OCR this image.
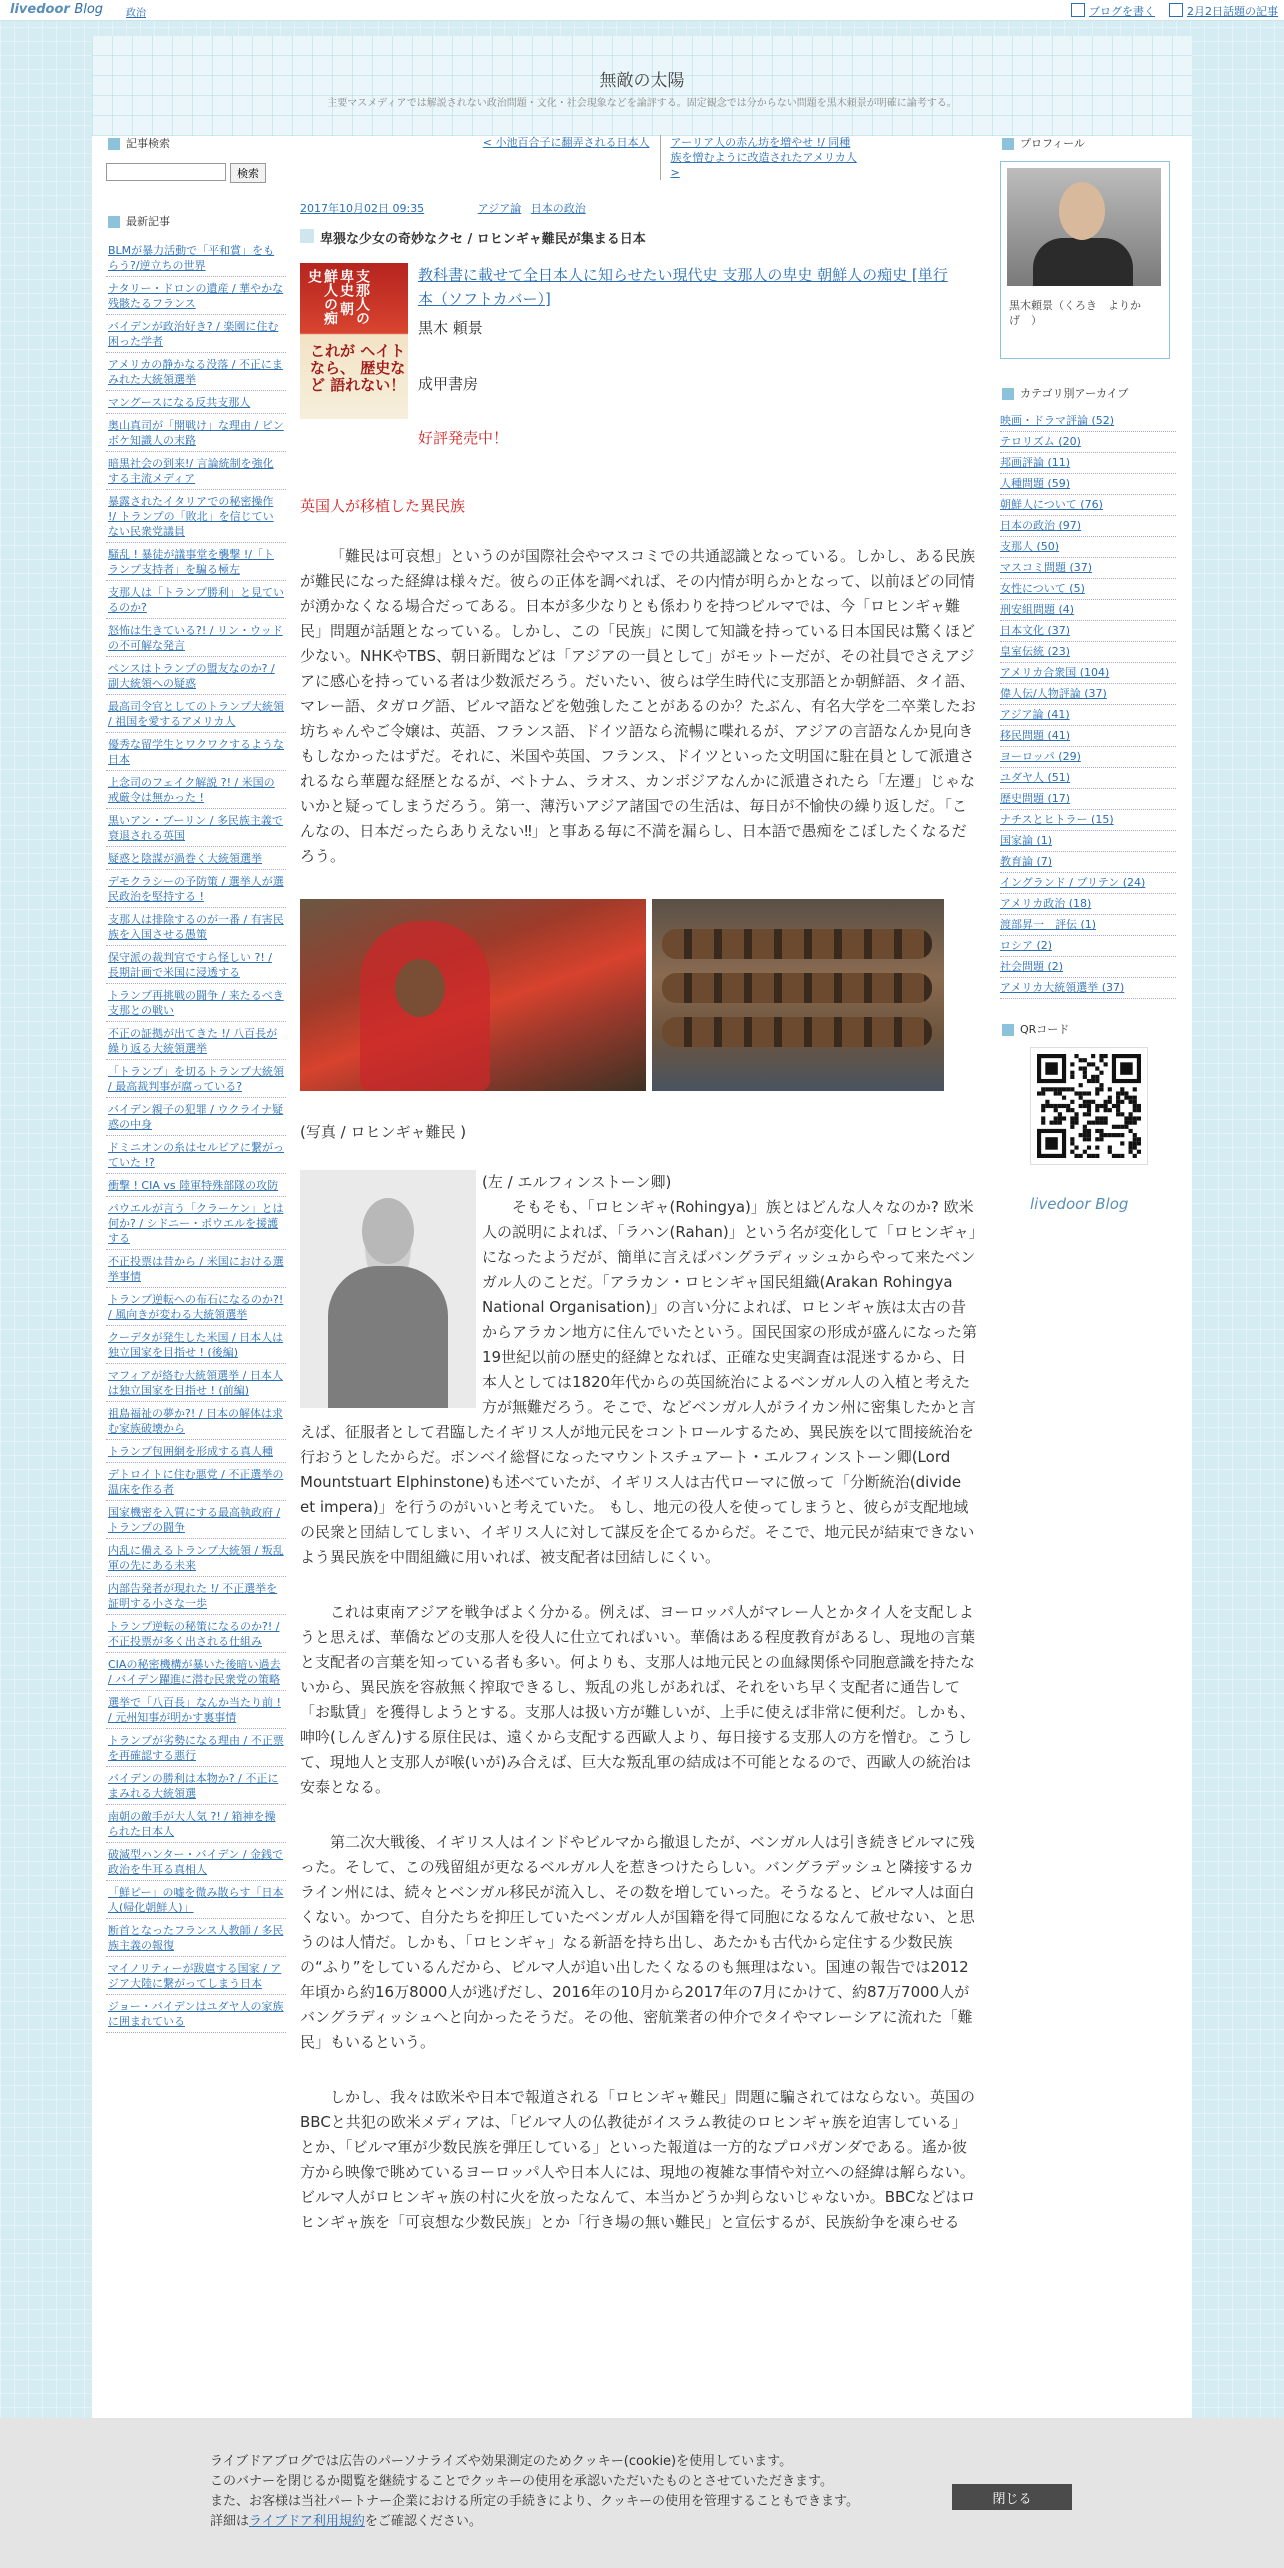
livedoor Blog 政治	ブログを書く	2月2日話題の記事
無敵の太陽
主要マスメディアでは解説されない政治問題・文化・社会現象などを論評する。固定観念では分からない問題を黒木頼景が明確に論考する。
記事検索
検索
最新記事
BLMが暴力活動で「平和賞」をもらう?/逆立ちの世界
ナタリー・ドロンの遺産 / 華やかな残骸たるフランス
バイデンが政治好き? / 楽園に住む困った学者
アメリカの静かなる没落 / 不正にまみれた大統領選挙
マングースになる反共支那人
奥山真司が「開戦け」な理由 / ピンボケ知識人の末路
暗黒社会の到来!/ 言論統制を強化する主流メディア
暴露されたイタリアでの秘密操作 !/ トランプの「敗北」を信じていない民衆党議員
騒乱 ! 暴徒が議事堂を襲撃 !/「トランプ支持者」を騙る極左
支那人は「トランプ勝利」と見ているのか?
怒怖は生きている?! / リン・ウッドの不可解な発言
ペンスはトランプの盟友なのか? / 副大統領への疑惑
最高司令官としてのトランプ大統領 / 祖国を愛するアメリカ人
優秀な留学生とワクワクするような日本
上念司のフェイク解説 ?! / 米国の戒厳令は無かった !
黒いアン・ブーリン / 多民族主義で衰退される英国
疑惑と陰謀が渦巻く大統領選挙
デモクラシーの予防策 / 選挙人が選民政治を堅持する !
支那人は排除するのが一番 / 有害民族を入国させる愚策
保守派の裁判官ですら怪しい ?! / 長期計画で米国に浸透する
トランプ再挑戦の闘争 / 来たるべき支那との戦い
不正の証拠が出てきた !/ 八百長が繰り返る大統領選挙
「トランプ」を切るトランプ大統領 / 最高裁判事が腐っている?
バイデン親子の犯罪 / ウクライナ疑惑の中身
ドミニオンの糸はセルビアに繋がっていた !?
衝撃 ! CIA vs 陸軍特殊部隊の攻防
パウエルが言う「クラーケン」とは何か? / シドニー・ポウエルを援護する
不正投票は昔から / 米国における選挙事情
トランプ逆転への布石になるのか?! / 風向きが変わる大統領選挙
クーデタが発生した米国 / 日本人は独立国家を目指せ ! (後編)
マフィアが絡む大統領選挙 / 日本人は独立国家を目指せ ! (前編)
祖島福祉の夢か?! / 日本の解体は求む家族破壊から
トランプ包囲網を形成する真人種
デトロイトに住む悪党 / 不正選挙の温床を作る者
国家機密を入質にする最高執政府 / トランプの闘争
内乱に備えるトランプ大統領 / 叛乱軍の先にある未来
内部告発者が現れた !/ 不正選挙を証明する小さな一歩
トランプ逆転の秘策になるのか?! / 不正投票が多く出される仕組み
CIAの秘密機構が暴いた後暗い過去 / バイデン躍進に潜む民衆党の策略
選挙で「八百長」なんか当たり前 ! / 元州知事が明かす裏事情
トランプが劣勢になる理由 / 不正票を再確認する悪行
バイデンの勝利は本物か? / 不正にまみれる大統領選
南朝の敵手が大人気 ?! / 箱神を操られた日本人
破滅型ハンター・バイデン / 金銭で政治を牛耳る真相人
「鮮ピー」の嘘を微み散らす「日本人(帰化朝鮮人)」
断首となったフランス人教師 / 多民族主義の報復
マイノリティーが跋扈する国家 / アジア大陸に繋がってしまう日本
ジョー・バイデンはユダヤ人の家族に囲まれている
< 小池百合子に翻弄される日本人	アーリア人の赤ん坊を増やせ !/ 同種族を憎むように改造されたアメリカ人 >
2017年10月02日 09:35	アジア論 日本の政治
卑猥な少女の奇妙なクセ / ロヒンギャ難民が集まる日本
支那人の卑史 朝鮮人の痴史
これが ヘイトなら、 歴史など 語れない！
教科書に載せて全日本人に知らせたい現代史 支那人の卑史 朝鮮人の痴史 [単行本（ソフトカバー）]
黒木 頼景
成甲書房
好評発売中！
英国人が移植した異民族

「難民は可哀想」というのが国際社会やマスコミでの共通認識となっている。しかし、ある民族が難民になった経緯は様々だ。彼らの正体を調べれば、その内情が明らかとなって、以前ほどの同情が湧かなくなる場合だってある。日本が多少なりとも係わりを持つビルマでは、今「ロヒンギャ難民」問題が話題となっている。しかし、この「民族」に関して知識を持っている日本国民は驚くほど少ない。NHKやTBS、朝日新聞などは「アジアの一員として」がモットーだが、その社員でさえアジアに感心を持っている者は少数派だろう。だいたい、彼らは学生時代に支那語とか朝鮮語、タイ語、マレー語、タガログ語、ビルマ語などを勉強したことがあるのか？たぶん、有名大学を二卒業したお坊ちゃんやご令嬢は、英語、フランス語、ドイツ語なら流暢に喋れるが、アジアの言語なんか見向きもしなかったはずだ。それに、米国や英国、フランス、ドイツといった文明国に駐在員として派遣されるなら華麗な経歴となるが、ベトナム、ラオス、カンボジアなんかに派遣されたら「左遷」じゃないかと疑ってしまうだろう。第一、薄汚いアジア諸国での生活は、毎日が不愉快の繰り返しだ。「こんなの、日本だったらありえない‼」と事ある毎に不満を漏らし、日本語で愚痴をこぼしたくなるだろう。

(写真 / ロヒンギャ難民 )

(左 / エルフィンストーン卿)

そもそも、「ロヒンギャ(Rohingya)」族とはどんな人々なのか? 欧米人の説明によれば、「ラハン(Rahan)」という名が変化して「ロヒンギャ」になったようだが、簡単に言えばバングラディッシュからやって来たベンガル人のことだ。「アラカン・ロヒンギャ国民組織(Arakan Rohingya National Organisation)」の言い分によれば、ロヒンギャ族は太古の昔からアラカン地方に住んでいたという。国民国家の形成が盛んになった第19世紀以前の歴史的経緯となれば、正確な史実調査は混迷するから、日本人としては1820年代からの英国統治によるベンガル人の入植と考えた方が無難だろう。そこで、などベンガル人がライカン州に密集したかと言えば、征服者として君臨したイギリス人が地元民をコントロールするため、異民族を以て間接統治を行おうとしたからだ。ボンベイ総督になったマウントスチュアート・エルフィンストーン卿(Lord Mountstuart Elphinstone)も述べていたが、イギリス人は古代ローマに倣って「分断統治(divide et impera)」を行うのがいいと考えていた。 もし、地元の役人を使ってしまうと、彼らが支配地域の民衆と団結してしまい、イギリス人に対して謀反を企てるからだ。そこで、地元民が結束できないよう異民族を中間組織に用いれば、被支配者は団結しにくい。

これは東南アジアを戦争ばよく分かる。例えば、ヨーロッパ人がマレー人とかタイ人を支配しようと思えば、華僑などの支那人を役人に仕立てればいい。華僑はある程度教育があるし、現地の言葉と支配者の言葉を知っている者も多い。何よりも、支那人は地元民との血縁関係や同胞意識を持たないから、異民族を容赦無く搾取できるし、叛乱の兆しがあれば、それをいち早く支配者に通告して「お駄賃」を獲得しようとする。支那人は扱い方が難しいが、上手に使えば非常に便利だ。しかも、呻吟(しんぎん)する原住民は、遠くから支配する西歐人より、毎日接する支那人の方を憎む。こうして、現地人と支那人が喉(いが)み合えば、巨大な叛乱軍の結成は不可能となるので、西歐人の統治は安泰となる。

第二次大戦後、イギリス人はインドやビルマから撤退したが、ベンガル人は引き続きビルマに残った。そして、この残留組が更なるベルガル人を惹きつけたらしい。バングラデッシュと隣接するカライン州には、続々とベンガル移民が流入し、その数を増していった。そうなると、ビルマ人は面白くない。かつて、自分たちを抑圧していたベンガル人が国籍を得て同胞になるなんて赦せない、と思うのは人情だ。しかも、「ロヒンギャ」なる新語を持ち出し、あたかも古代から定住する少数民族の“ふり”をしているんだから、ビルマ人が追い出したくなるのも無理はない。国連の報告では2012年頃から約16万8000人が逃げだし、2016年の10月から2017年の7月にかけて、約87万7000人がバングラディッシュへと向かったそうだ。その他、密航業者の仲介でタイやマレーシアに流れた「難民」もいるという。

しかし、我々は欧米や日本で報道される「ロヒンギャ難民」問題に騙されてはならない。英国のBBCと共犯の欧米メディアは、「ビルマ人の仏教徒がイスラム教徒のロヒンギャ族を迫害している」とか、「ビルマ軍が少数民族を弾圧している」といった報道は一方的なプロパガンダである。遙か彼方から映像で眺めているヨーロッパ人や日本人には、現地の複雑な事情や対立への経緯は解らない。ビルマ人がロヒンギャ族の村に火を放ったなんて、本当かどうか判らないじゃないか。BBCなどはロヒンギャ族を「可哀想な少数民族」とか「行き場の無い難民」と宣伝するが、民族紛争を凍らせる

プロフィール
黒木頼景（くろき　よりかげ　）
カテゴリ別アーカイブ
映画・ドラマ評論 (52)
テロリズム (20)
邦画評論 (11)
人種問題 (59)
朝鮮人について (76)
日本の政治 (97)
支那人 (50)
マスコミ問題 (37)
女性について (5)
刑安組問題 (4)
日本文化 (37)
皇室伝統 (23)
アメリカ合衆国 (104)
偉人伝/人物評論 (37)
アジア論 (41)
移民問題 (41)
ヨーロッパ (29)
ユダヤ人 (51)
歴史問題 (17)
ナチスとヒトラー (15)
国家論 (1)
教育論 (7)
イングランド / ブリテン (24)
アメリカ政治 (18)
渡部昇一　評伝 (1)
ロシア (2)
社会問題 (2)
アメリカ大統領選挙 (37)
QRコード
livedoor Blog
ライブドアブログでは広告のパーソナライズや効果測定のためクッキー(cookie)を使用しています。
このバナーを閉じるか閲覧を継続することでクッキーの使用を承認いただいたものとさせていただきます。
また、お客様は当社パートナー企業における所定の手続きにより、クッキーの使用を管理することもできます。
詳細はライブドア利用規約をご確認ください。
閉じる
